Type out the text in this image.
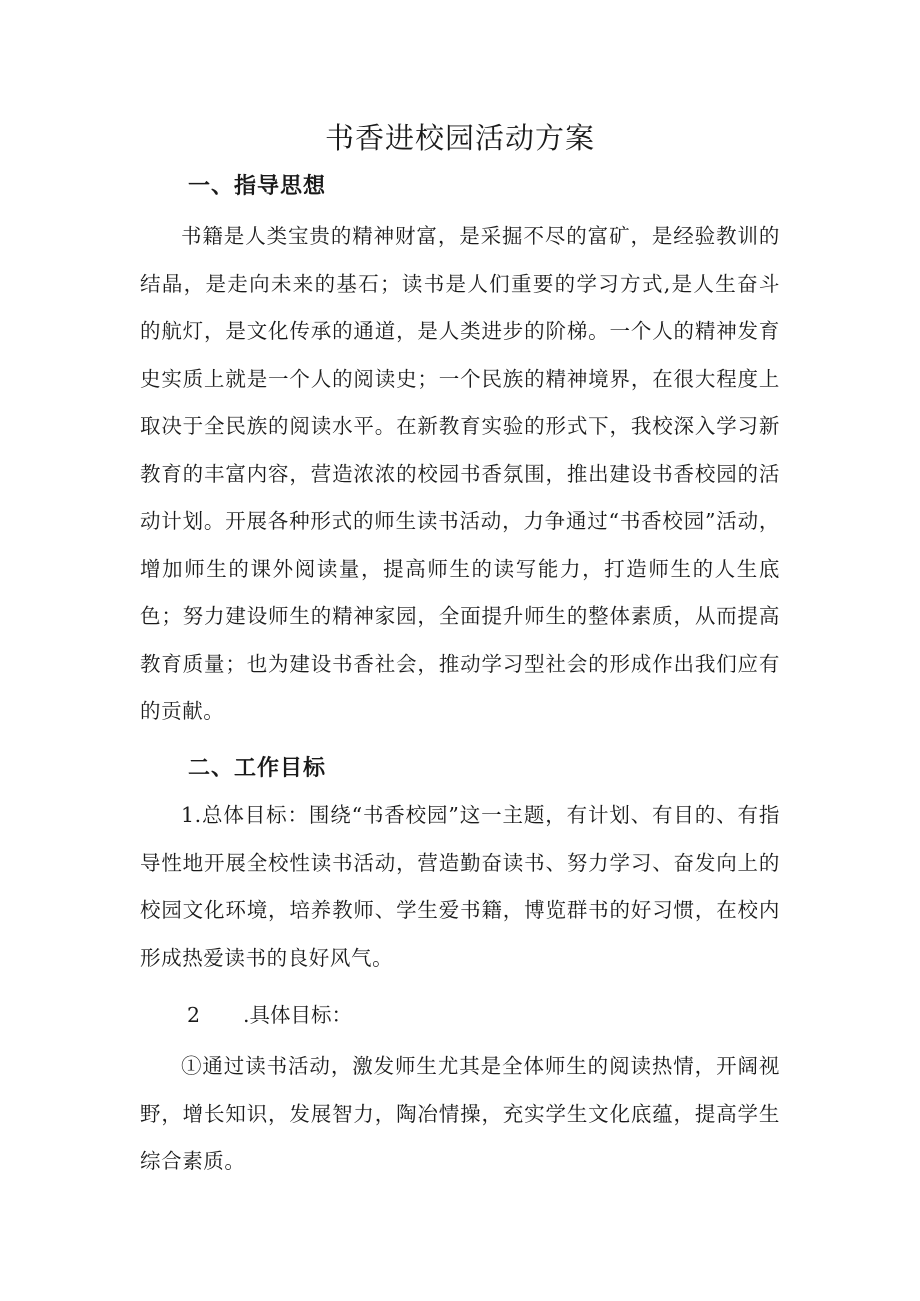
书香进校园活动方案
一、指导思想
书籍是人类宝贵的精神财富，是采掘不尽的富矿，是经验教训的结晶，是走向未来的基石；读书是人们重要的学习方式,是人生奋斗的航灯，是文化传承的通道，是人类进步的阶梯。一个人的精神发育史实质上就是一个人的阅读史；一个民族的精神境界，在很大程度上取决于全民族的阅读水平。在新教育实验的形式下，我校深入学习新教育的丰富内容，营造浓浓的校园书香氛围，推出建设书香校园的活动计划。开展各种形式的师生读书活动，力争通过“书香校园”活动，增加师生的课外阅读量，提高师生的读写能力，打造师生的人生底色；努力建设师生的精神家园，全面提升师生的整体素质，从而提高教育质量；也为建设书香社会，推动学习型社会的形成作出我们应有的贡献。
二、工作目标
1.总体目标：围绕“书香校园”这一主题，有计划、有目的、有指导性地开展全校性读书活动，营造勤奋读书、努力学习、奋发向上的校园文化环境，培养教师、学生爱书籍，博览群书的好习惯，在校内形成热爱读书的良好风气。
2 .具体目标：
①通过读书活动，激发师生尤其是全体师生的阅读热情，开阔视野，增长知识，发展智力，陶冶情操，充实学生文化底蕴，提高学生综合素质。
